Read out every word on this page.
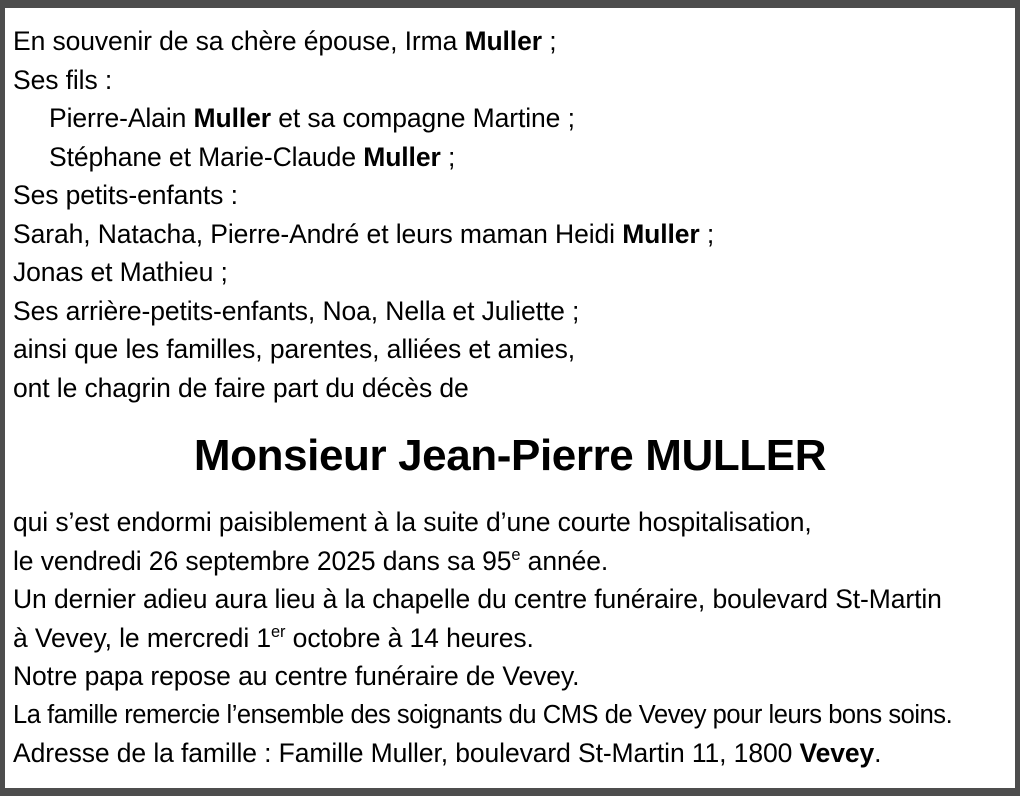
En souvenir de sa chère épouse, Irma Muller ;
Ses fils :
Pierre-Alain Muller et sa compagne Martine ;
Stéphane et Marie-Claude Muller ;
Ses petits-enfants :
Sarah, Natacha, Pierre-André et leurs maman Heidi Muller ;
Jonas et Mathieu ;
Ses arrière-petits-enfants, Noa, Nella et Juliette ;
ainsi que les familles, parentes, alliées et amies,
ont le chagrin de faire part du décès de
Monsieur Jean-Pierre MULLER
qui s’est endormi paisiblement à la suite d’une courte hospitalisation,
le vendredi 26 septembre 2025 dans sa 95e année.
Un dernier adieu aura lieu à la chapelle du centre funéraire, boulevard St-Martin
à Vevey, le mercredi 1er octobre à 14 heures.
Notre papa repose au centre funéraire de Vevey.
La famille remercie l’ensemble des soignants du CMS de Vevey pour leurs bons soins.
Adresse de la famille : Famille Muller, boulevard St-Martin 11, 1800 Vevey.
